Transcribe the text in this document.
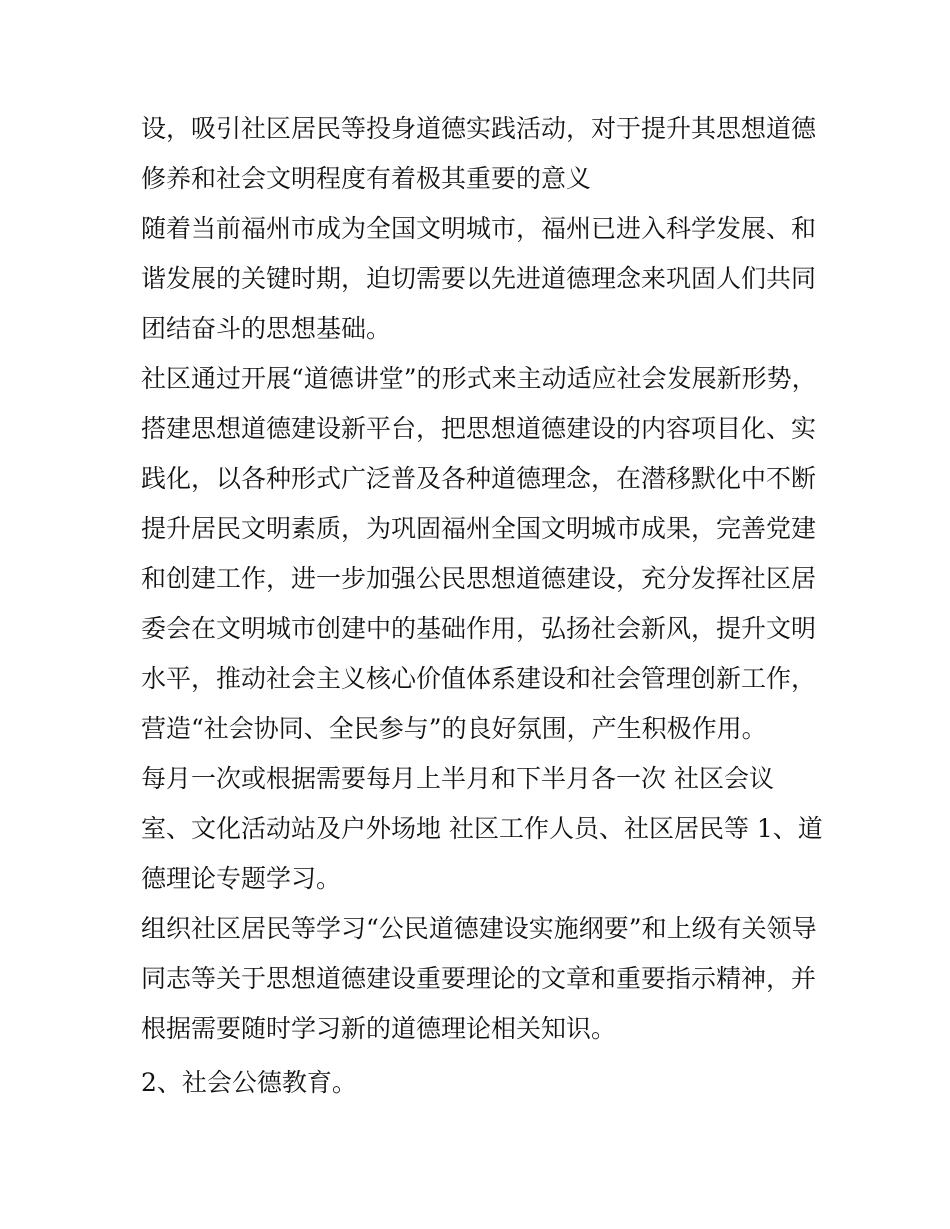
设，吸引社区居民等投身道德实践活动，对于提升其思想道德
修养和社会文明程度有着极其重要的意义
随着当前福州市成为全国文明城市，福州已进入科学发展、和
谐发展的关键时期，迫切需要以先进道德理念来巩固人们共同
团结奋斗的思想基础。
社区通过开展“道德讲堂”的形式来主动适应社会发展新形势，
搭建思想道德建设新平台，把思想道德建设的内容项目化、实
践化，以各种形式广泛普及各种道德理念，在潜移默化中不断
提升居民文明素质，为巩固福州全国文明城市成果，完善党建
和创建工作，进一步加强公民思想道德建设，充分发挥社区居
委会在文明城市创建中的基础作用，弘扬社会新风，提升文明
水平，推动社会主义核心价值体系建设和社会管理创新工作，
营造“社会协同、全民参与”的良好氛围，产生积极作用。
每月一次或根据需要每月上半月和下半月各一次 社区会议
室、文化活动站及户外场地 社区工作人员、社区居民等 1、道
德理论专题学习。
组织社区居民等学习“公民道德建设实施纲要”和上级有关领导
同志等关于思想道德建设重要理论的文章和重要指示精神，并
根据需要随时学习新的道德理论相关知识。
2、社会公德教育。
